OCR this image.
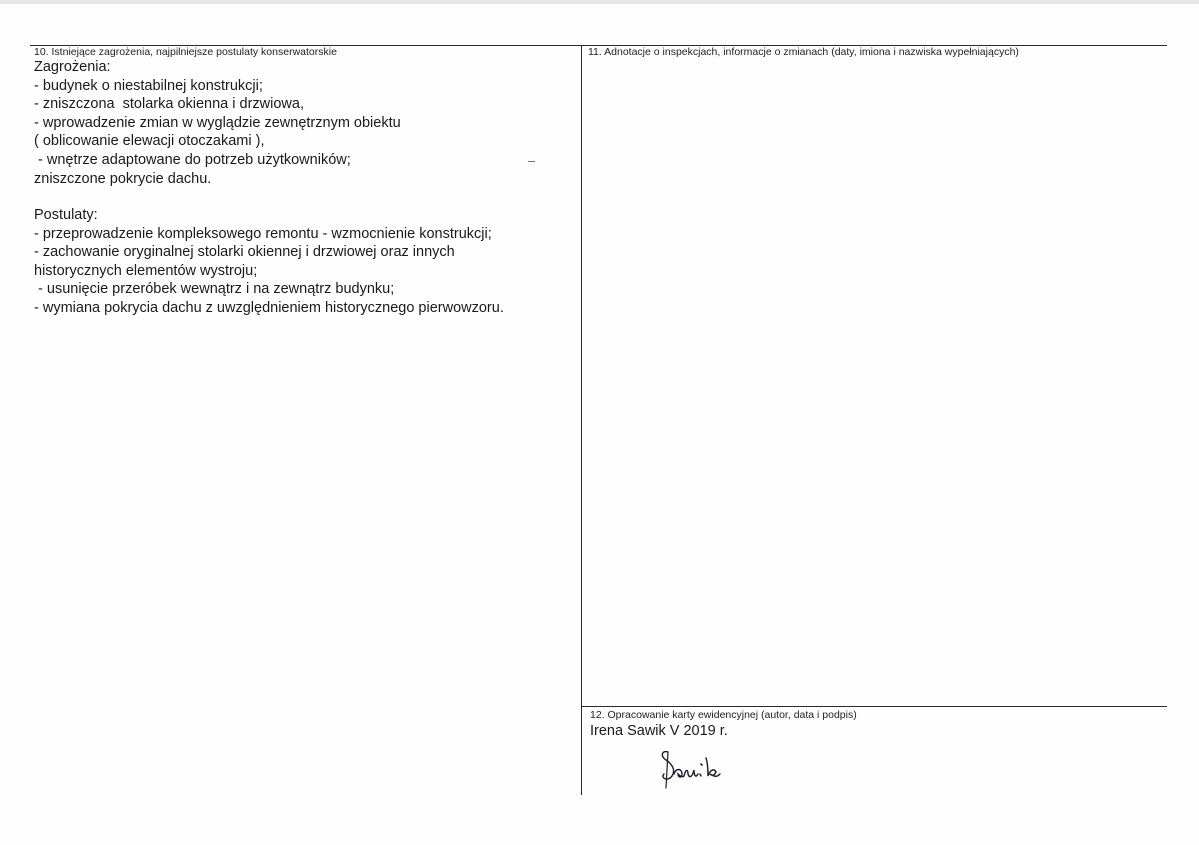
10. Istniejące zagrożenia, najpilniejsze postulaty konserwatorskie
Zagrożenia:
- budynek o niestabilnej konstrukcji;
- zniszczona  stolarka okienna i drzwiowa,
- wprowadzenie zmian w wyglądzie zewnętrznym obiektu
( oblicowanie elewacji otoczakami ),
- wnętrze adaptowane do potrzeb użytkowników;
zniszczone pokrycie dachu.
Postulaty:
- przeprowadzenie kompleksowego remontu - wzmocnienie konstrukcji;
- zachowanie oryginalnej stolarki okiennej i drzwiowej oraz innych
historycznych elementów wystroju;
- usunięcie przeróbek wewnątrz i na zewnątrz budynku;
- wymiana pokrycia dachu z uwzględnieniem historycznego pierwowzoru.
11. Adnotacje o inspekcjach, informacje o zmianach (daty, imiona i nazwiska wypełniających)
12. Opracowanie karty ewidencyjnej (autor, data i podpis)
Irena Sawik V 2019 r.
